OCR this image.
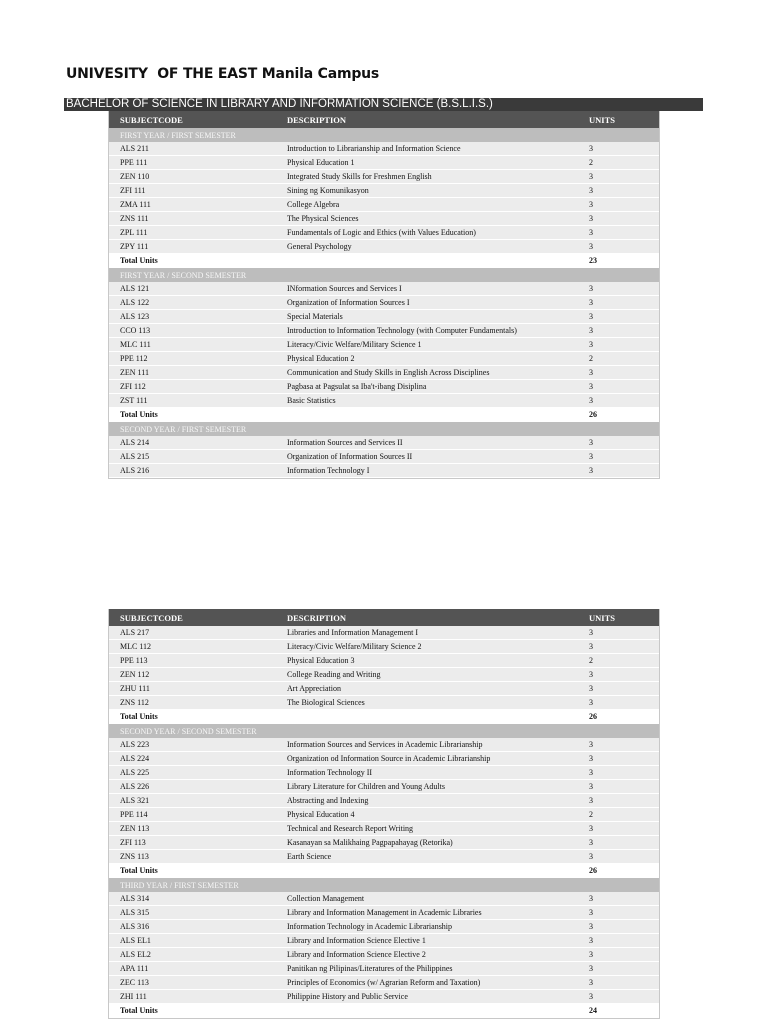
UNIVESITY  OF THE EAST Manila Campus
BACHELOR OF SCIENCE IN LIBRARY AND INFORMATION SCIENCE (B.S.L.I.S.)
SUBJECTCODE	DESCRIPTION	UNITS
FIRST YEAR / FIRST SEMESTER
ALS 211	Introduction to Librarianship and Information Science	3
PPE 111	Physical Education 1	2
ZEN 110	Integrated Study Skills for Freshmen English	3
ZFI 111	Sining ng Komunikasyon	3
ZMA 111	College Algebra	3
ZNS 111	The Physical Sciences	3
ZPL 111	Fundamentals of Logic and Ethics (with Values Education)	3
ZPY 111	General Psychology	3
Total Units	23
FIRST YEAR / SECOND SEMESTER
ALS 121	INformation Sources and Services I	3
ALS 122	Organization of Information Sources I	3
ALS 123	Special Materials	3
CCO 113	Introduction to Information Technology (with Computer Fundamentals)	3
MLC 111	Literacy/Civic Welfare/Military Science 1	3
PPE 112	Physical Education 2	2
ZEN 111	Communication and Study Skills in English Across Disciplines	3
ZFI 112	Pagbasa at Pagsulat sa Iba't-ibang Disiplina	3
ZST 111	Basic Statistics	3
Total Units	26
SECOND YEAR / FIRST SEMESTER
ALS 214	Information Sources and Services II	3
ALS 215	Organization of Information Sources II	3
ALS 216	Information Technology I	3
SUBJECTCODE	DESCRIPTION	UNITS
ALS 217	Libraries and Information Management I	3
MLC 112	Literacy/Civic Welfare/Military Science 2	3
PPE 113	Physical Education 3	2
ZEN 112	College Reading and Writing	3
ZHU 111	Art Appreciation	3
ZNS 112	The Biological Sciences	3
Total Units	26
SECOND YEAR / SECOND SEMESTER
ALS 223	Information Sources and Services in Academic Librarianship	3
ALS 224	Organization od Information Source in Academic Librarianship	3
ALS 225	Information Technology II	3
ALS 226	Library Literature for Children and Young Adults	3
ALS 321	Abstracting and Indexing	3
PPE 114	Physical Education 4	2
ZEN 113	Technical and Research Report Writing	3
ZFI 113	Kasanayan sa Malikhaing Pagpapahayag (Retorika)	3
ZNS 113	Earth Science	3
Total Units	26
THIRD YEAR / FIRST SEMESTER
ALS 314	Collection Management	3
ALS 315	Library and Information Management in Academic Libraries	3
ALS 316	Information Technology in Academic Librarianship	3
ALS EL1	Library and Information Science Elective 1	3
ALS EL2	Library and Information Science Elective 2	3
APA 111	Panitikan ng Pilipinas/Literatures of the Philippines	3
ZEC 113	Principles of Economics (w/ Agrarian Reform and Taxation)	3
ZHI 111	Philippine History and Public Service	3
Total Units	24
